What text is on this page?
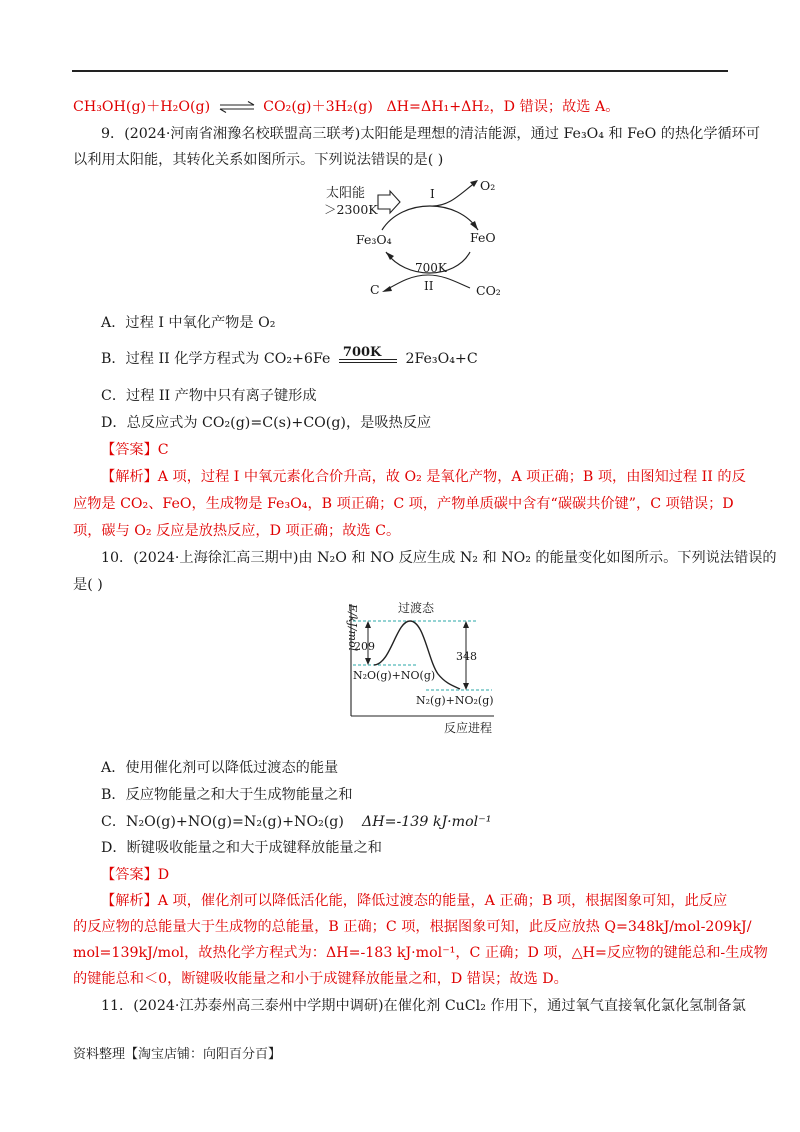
CH₃OH(g)＋H₂O(g) ⇌ CO₂(g)＋3H₂(g) ΔH=ΔH₁+ΔH₂，D 错误；故选 A。
9．(2024·河南省湘豫名校联盟高三联考)太阳能是理想的清洁能源，通过 Fe₃O₄ 和 FeO 的热化学循环可
以利用太阳能，其转化关系如图所示。下列说法错误的是( )
太阳能
＞2300K
I
O₂
Fe₃O₄	FeO
700K
II
C	CO₂
A．过程 I 中氧化产物是 O₂
B．过程 II 化学方程式为 CO₂+6Fe 700K 2Fe₃O₄+C
C．过程 II 产物中只有离子键形成
D．总反应式为 CO₂(g)=C(s)+CO(g)，是吸热反应
【答案】C
【解析】A 项，过程 I 中氧元素化合价升高，故 O₂ 是氧化产物，A 项正确；B 项，由图知过程 II 的反
应物是 CO₂、FeO，生成物是 Fe₃O₄，B 项正确；C 项，产物单质碳中含有“碳碳共价键”，C 项错误；D
项，碳与 O₂ 反应是放热反应，D 项正确；故选 C。
10．(2024·上海徐汇高三期中)由 N₂O 和 NO 反应生成 N₂ 和 NO₂ 的能量变化如图所示。下列说法错误的
是( )
E/kJ/mol	过渡态
209
348
N₂O(g)+NO(g)
N₂(g)+NO₂(g)
反应进程
A．使用催化剂可以降低过渡态的能量
B．反应物能量之和大于生成物能量之和
C．N₂O(g)+NO(g)=N₂(g)+NO₂(g) ΔH=-139 kJ·mol⁻¹
D．断键吸收能量之和大于成键释放能量之和
【答案】D
【解析】A 项，催化剂可以降低活化能，降低过渡态的能量，A 正确；B 项，根据图象可知，此反应
的反应物的总能量大于生成物的总能量，B 正确；C 项，根据图象可知，此反应放热 Q=348kJ/mol-209kJ/
mol=139kJ/mol，故热化学方程式为：ΔH=-183 kJ·mol⁻¹，C 正确；D 项，△H=反应物的键能总和-生成物
的键能总和＜0，断键吸收能量之和小于成键释放能量之和，D 错误；故选 D。
11．(2024·江苏泰州高三泰州中学期中调研)在催化剂 CuCl₂ 作用下，通过氧气直接氧化氯化氢制备氯
资料整理【淘宝店铺：向阳百分百】
